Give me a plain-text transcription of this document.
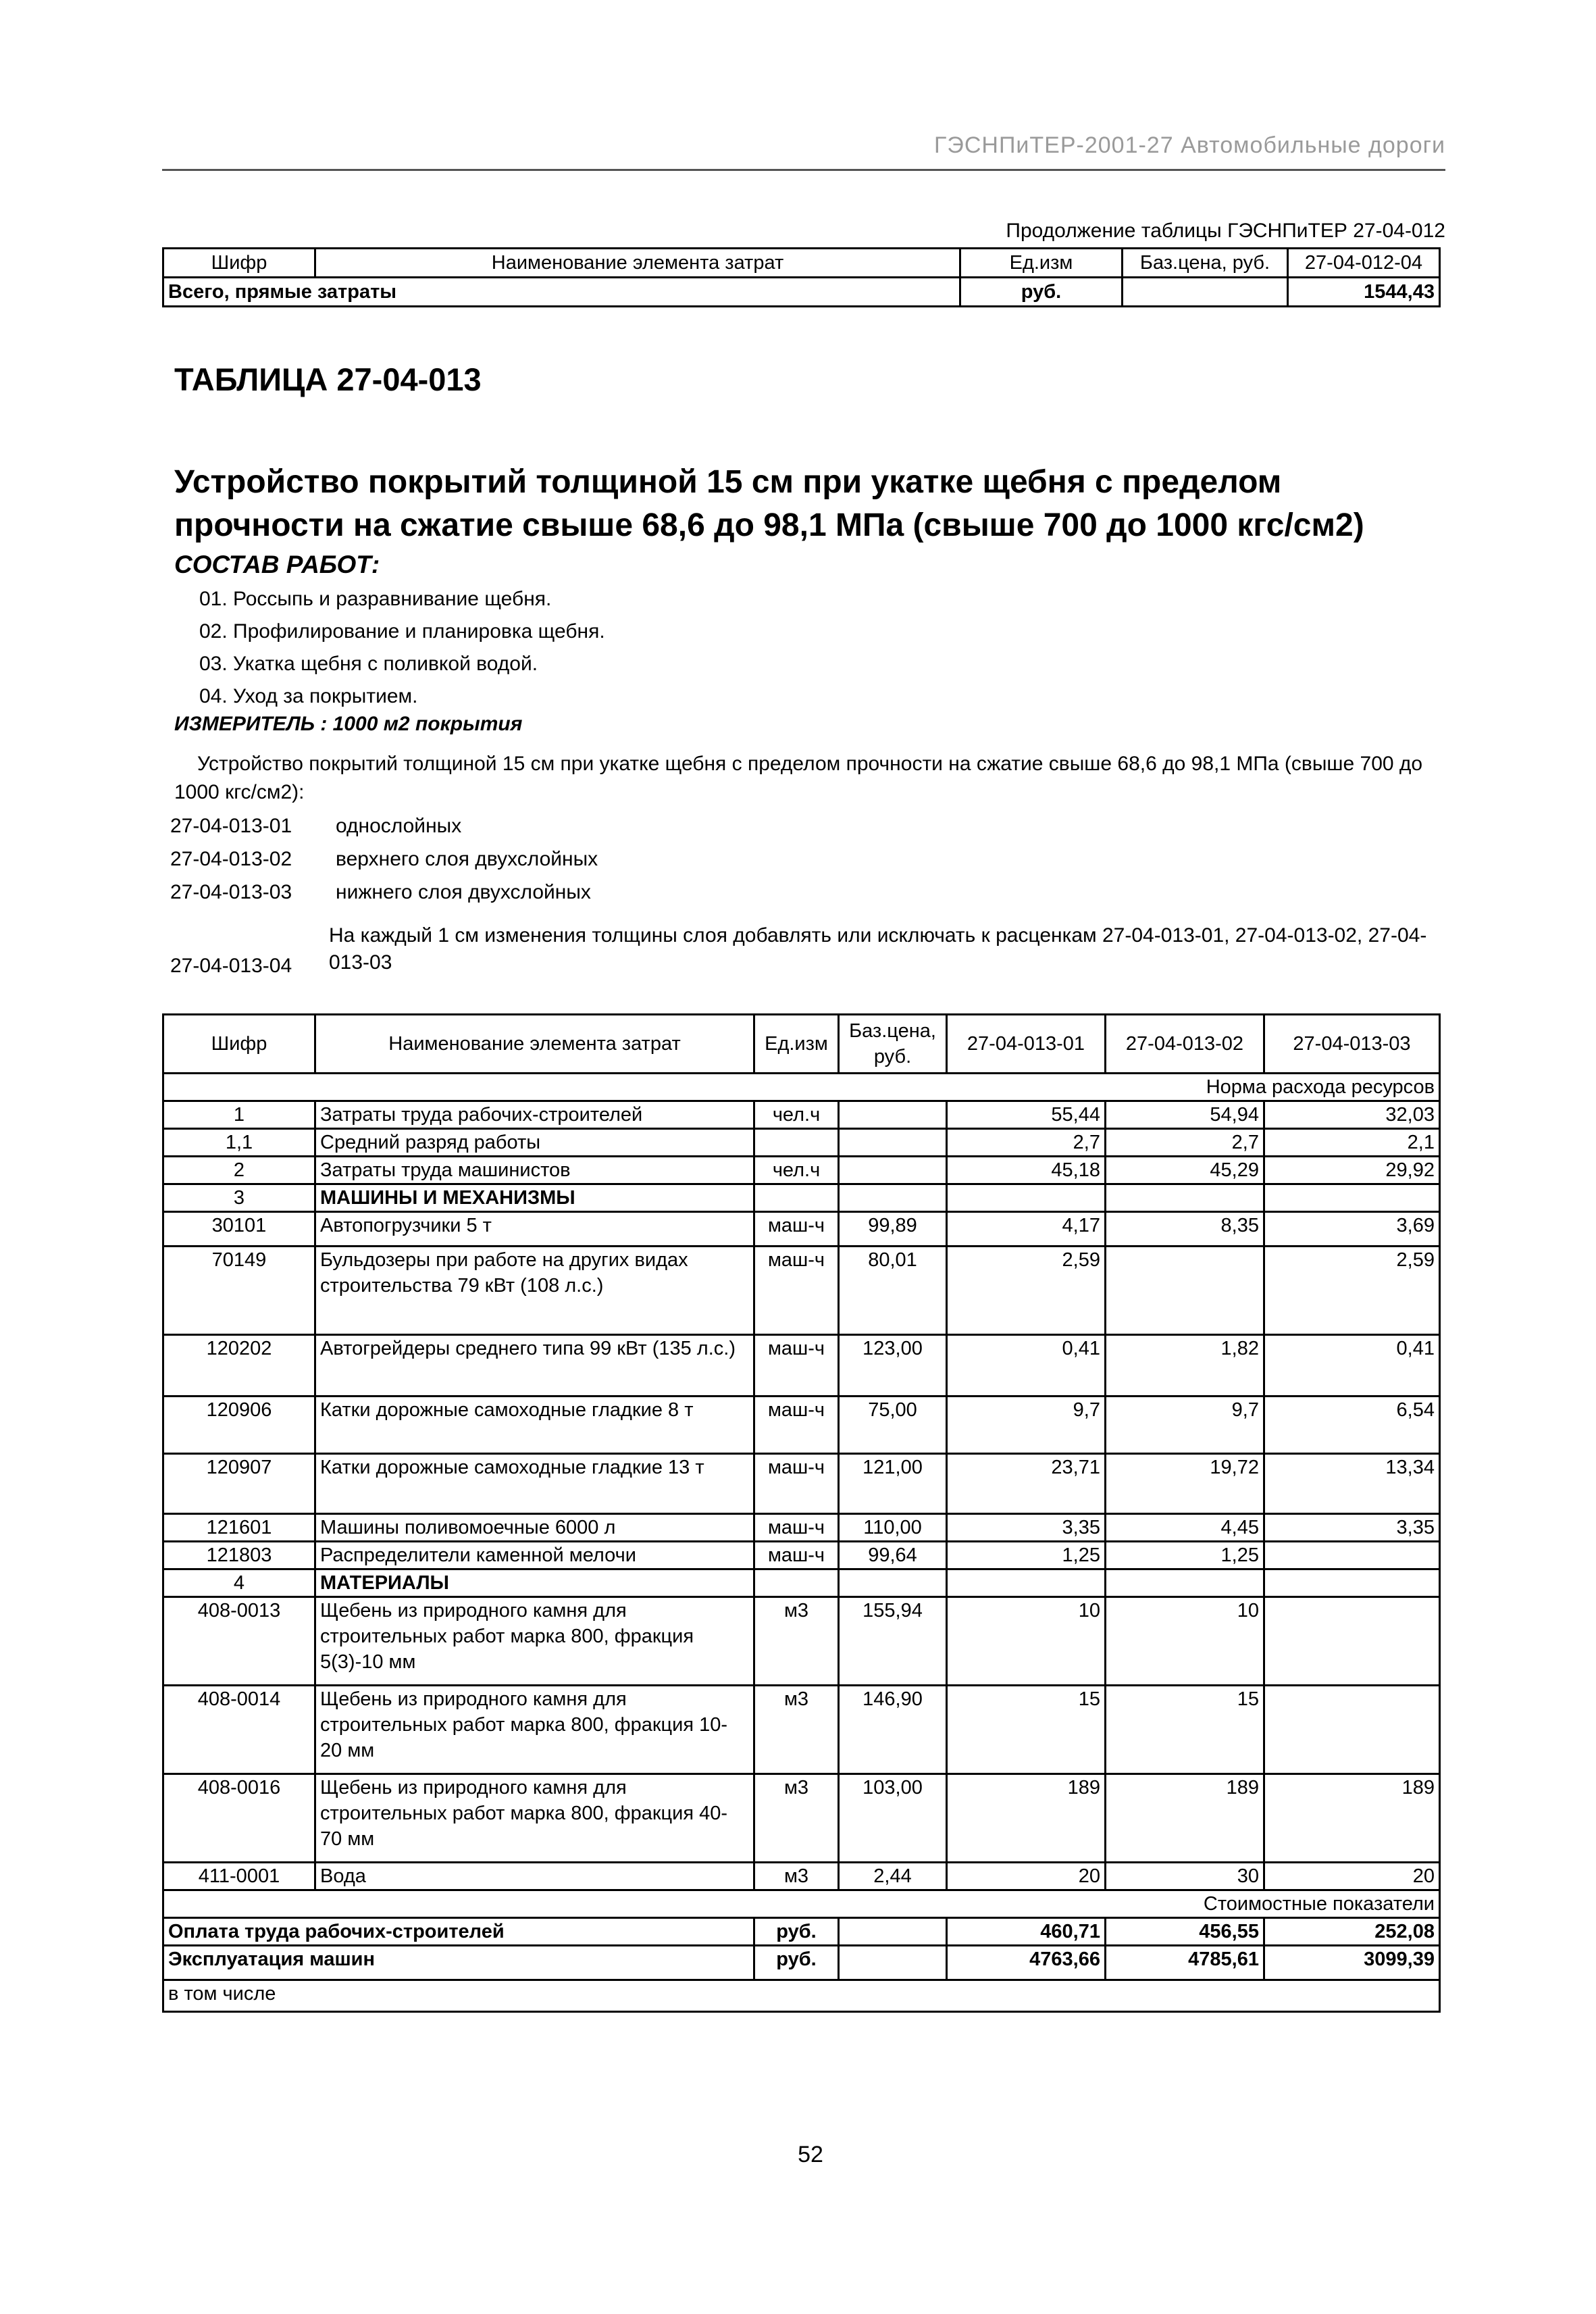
ГЭСНПиТЕР-2001-27 Автомобильные дороги
Продолжение таблицы ГЭСНПиТЕР 27-04-012
Шифр	Наименование элемента затрат	Ед.изм	Баз.цена, руб.	27-04-012-04
Всего, прямые затраты		руб.		1544,43
ТАБЛИЦА 27-04-013
Устройство покрытий толщиной 15 см при укатке щебня с пределом прочности на сжатие свыше 68,6 до 98,1 МПа (свыше 700 до 1000 кгс/см2)
СОСТАВ РАБОТ:
01. Россыпь и разравнивание щебня.
02. Профилирование и планировка щебня.
03. Укатка щебня с поливкой водой.
04. Уход за покрытием.
ИЗМЕРИТЕЛЬ : 1000 м2 покрытия
Устройство покрытий толщиной 15 см при укатке щебня с пределом прочности на сжатие свыше 68,6 до 98,1 МПа (свыше 700 до 1000 кгс/см2):
27-04-013-01 однослойных
27-04-013-02 верхнего слоя двухслойных
27-04-013-03 нижнего слоя двухслойных
На каждый 1 см изменения толщины слоя добавлять или исключать к расценкам 27-04-013-01, 27-04-013-02, 27-04-013-03
27-04-013-04
Шифр	Наименование элемента затрат	Ед.изм	Баз.цена, руб.	27-04-013-01	27-04-013-02	27-04-013-03
Норма расхода ресурсов						
1	Затраты труда рабочих-строителей	чел.ч		55,44	54,94	32,03
1,1	Средний разряд работы			2,7	2,7	2,1
2	Затраты труда машинистов	чел.ч		45,18	45,29	29,92
3	МАШИНЫ И МЕХАНИЗМЫ					
30101	Автопогрузчики 5 т	маш-ч	99,89	4,17	8,35	3,69
70149	Бульдозеры при работе на других видах строительства 79 кВт (108 л.с.)	маш-ч	80,01	2,59		2,59
120202	Автогрейдеры среднего типа 99 кВт (135 л.с.)	маш-ч	123,00	0,41	1,82	0,41
120906	Катки дорожные самоходные гладкие 8 т	маш-ч	75,00	9,7	9,7	6,54
120907	Катки дорожные самоходные гладкие 13 т	маш-ч	121,00	23,71	19,72	13,34
121601	Машины поливомоечные 6000 л	маш-ч	110,00	3,35	4,45	3,35
121803	Распределители каменной мелочи	маш-ч	99,64	1,25	1,25	
4	МАТЕРИАЛЫ					
408-0013	Щебень из природного камня для строительных работ марка 800, фракция 5(3)-10 мм	м3	155,94	10	10	
408-0014	Щебень из природного камня для строительных работ марка 800, фракция 10-20 мм	м3	146,90	15	15	
408-0016	Щебень из природного камня для строительных работ марка 800, фракция 40-70 мм	м3	103,00	189	189	189
411-0001	Вода	м3	2,44	20	30	20
Стоимостные показатели						
Оплата труда рабочих-строителей		руб.		460,71	456,55	252,08
Эксплуатация машин		руб.		4763,66	4785,61	3099,39
в том числе						
52
